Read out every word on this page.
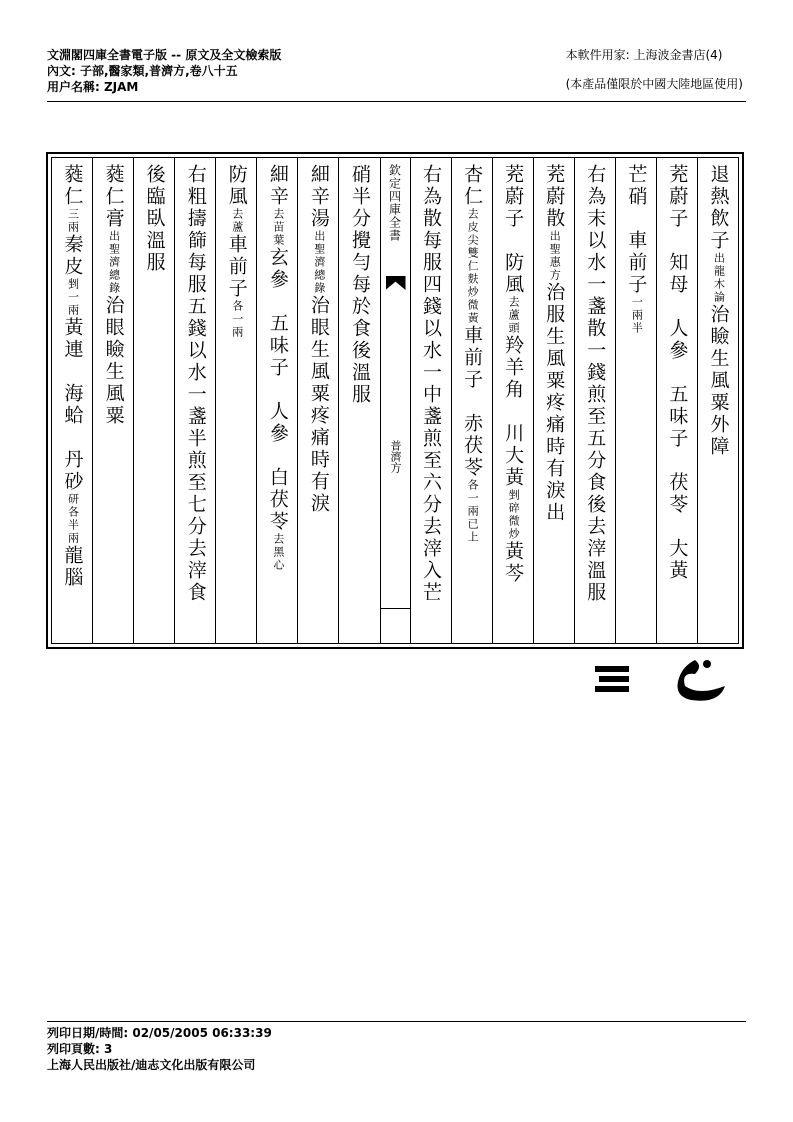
文淵閣四庫全書電子版 -- 原文及全文檢索版
內文: 子部,醫家類,普濟方,卷八十五
用户名稱: ZJAM
本軟件用家: 上海波金書店(4)
(本產品僅限於中國大陸地區使用)
退熱飲子出龍木論治瞼生風粟外障
茺蔚子　知母　人參　五味子　茯苓　大黃
芒硝　車前子一兩半
右為末以水一盞散一錢煎至五分食後去滓溫服
茺蔚散出聖惠方治服生風粟疼痛時有淚出
茺蔚子　防風去蘆頭羚羊角　川大黃剉碎微炒黃芩
杏仁去皮尖雙仁麩炒微黃車前子　赤茯苓各一兩已上
右為散每服四錢以水一中盞煎至六分去滓入芒
欽定四庫全書
普濟方
硝半分攪勻每於食後溫服
細辛湯出聖濟總錄治眼生風粟疼痛時有淚
細辛去苗葉玄參　五味子　人參　白茯苓去黑心
防風去蘆車前子各一兩
右粗擣篩每服五錢以水一盞半煎至七分去滓食
後臨臥溫服
蕤仁膏出聖濟總錄治眼瞼生風粟
蕤仁三兩秦皮剉一兩黃連　海蛤　丹砂研各半兩龍腦
列印日期/時間: 02/05/2005 06:33:39
列印頁數: 3
上海人民出版社/迪志文化出版有限公司
